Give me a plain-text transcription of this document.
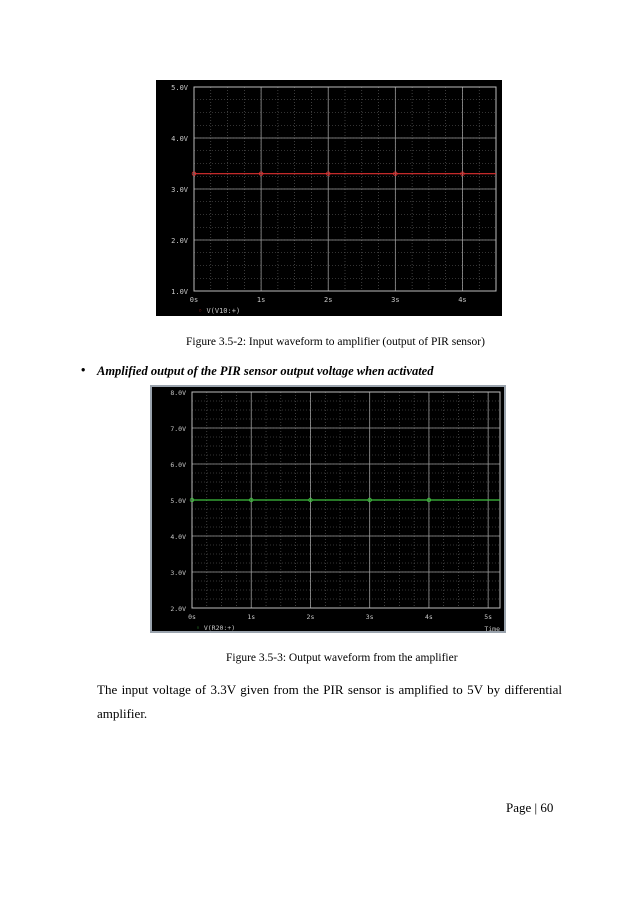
5.0V
4.0V
3.0V
2.0V
1.0V
0s	1s	2s	3s	4s
◦ V(V10:+)
Figure 3.5-2: Input waveform to amplifier (output of PIR sensor)
• Amplified output of the PIR sensor output voltage when activated
8.0V
7.0V
6.0V
5.0V
4.0V
3.0V
2.0V
0s	1s	2s	3s	4s	5s
◦ V(R20:+)	Time
Figure 3.5-3: Output waveform from the amplifier
The input voltage of 3.3V given from the PIR sensor is amplified to 5V by differential amplifier.
Page | 60
